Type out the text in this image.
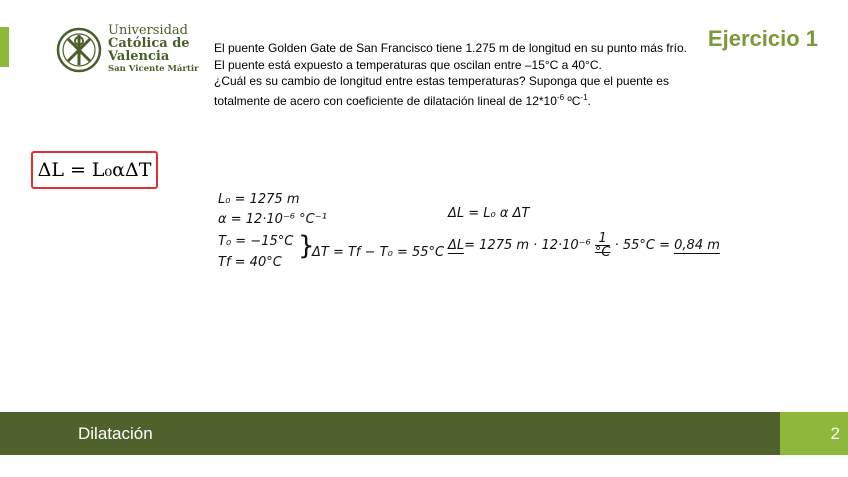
Universidad
Católica de
Valencia
San Vicente Mártir
Ejercicio 1

El puente Golden Gate de San Francisco tiene 1.275 m de longitud en su punto más frío.

El puente está expuesto a temperaturas que oscilan entre –15°C a 40°C.

¿Cuál es su cambio de longitud entre estas temperaturas? Suponga que el puente es

totalmente de acero con coeficiente de dilatación lineal de $12*10^{-6}$ ºC$^{-1}$.

ΔL = L₀αΔT
L₀ = 1275 m
α = 12·10⁻⁶ °C⁻¹
T₀ = −15°C
Tf = 40°C
}
ΔT = Tf − T₀ = 55°C
ΔL = L₀ α ΔT
ΔL= 1275 $m \cdot 12\cdot 10^{-6} \frac{1}{^\circ C} \cdot 55^\circ C = 0,84$ m
Dilatación	2
